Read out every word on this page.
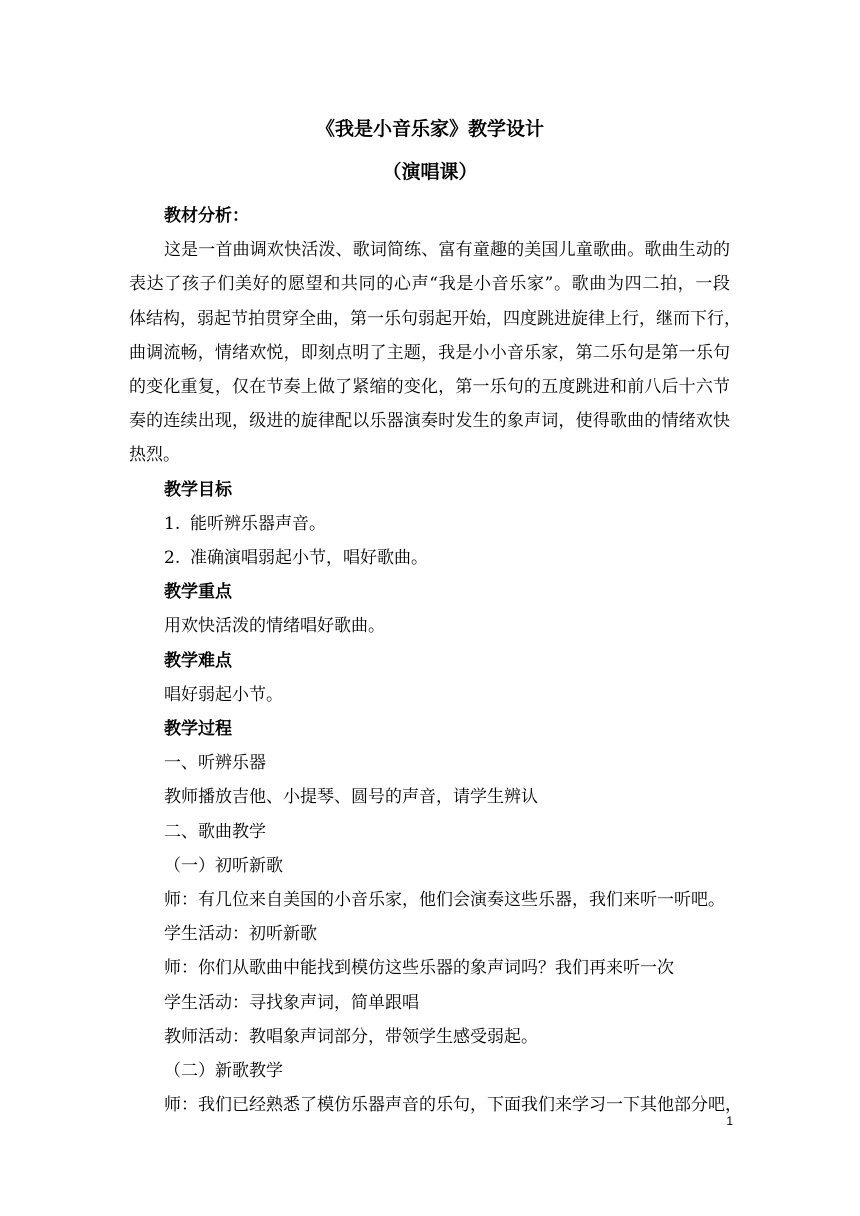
《我是小音乐家》教学设计
（演唱课）

教材分析：

这是一首曲调欢快活泼、歌词简练、富有童趣的美国儿童歌曲。歌曲生动的
表达了孩子们美好的愿望和共同的心声“我是小音乐家”。歌曲为四二拍，一段
体结构，弱起节拍贯穿全曲，第一乐句弱起开始，四度跳进旋律上行，继而下行，
曲调流畅，情绪欢悦，即刻点明了主题，我是小小音乐家，第二乐句是第一乐句
的变化重复，仅在节奏上做了紧缩的变化，第一乐句的五度跳进和前八后十六节
奏的连续出现，级进的旋律配以乐器演奏时发生的象声词，使得歌曲的情绪欢快
热烈。

教学目标

1. 能听辨乐器声音。

2. 准确演唱弱起小节，唱好歌曲。

教学重点

用欢快活泼的情绪唱好歌曲。

教学难点

唱好弱起小节。

教学过程

一、听辨乐器

教师播放吉他、小提琴、圆号的声音，请学生辨认

二、歌曲教学

（一）初听新歌

师：有几位来自美国的小音乐家，他们会演奏这些乐器，我们来听一听吧。

学生活动：初听新歌

师：你们从歌曲中能找到模仿这些乐器的象声词吗？我们再来听一次

学生活动：寻找象声词，简单跟唱

教师活动：教唱象声词部分，带领学生感受弱起。

（二）新歌教学

师：我们已经熟悉了模仿乐器声音的乐句，下面我们来学习一下其他部分吧，

1
